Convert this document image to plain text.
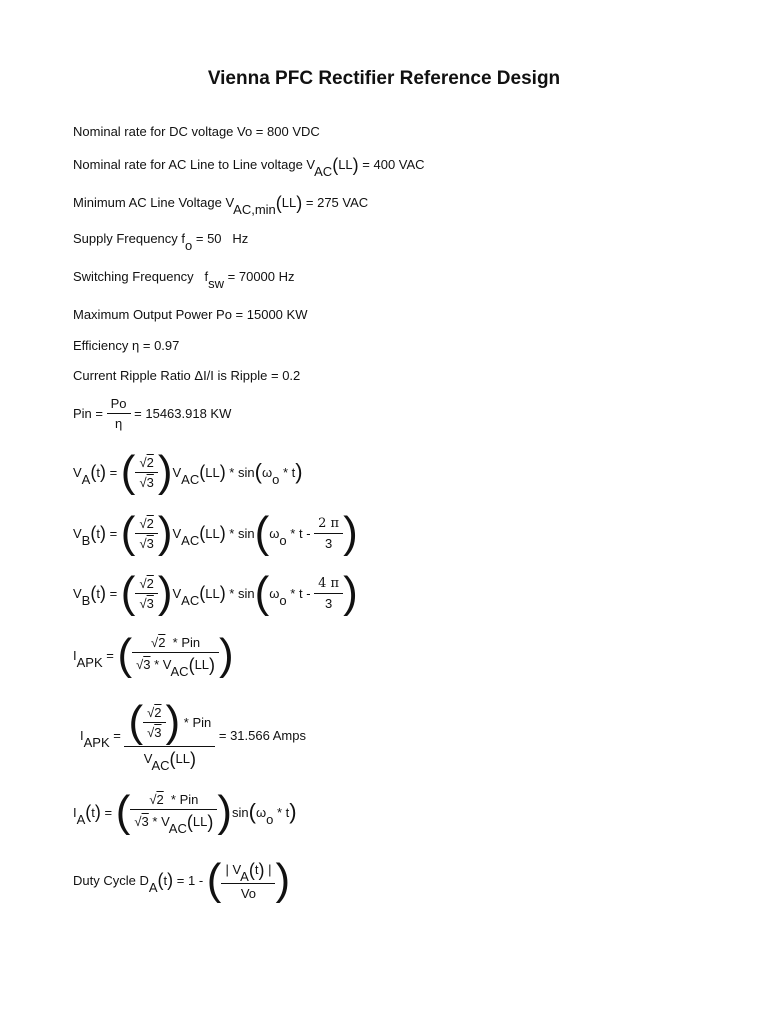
Vienna PFC Rectifier Reference Design
Nominal rate for DC voltage Vo = 800 VDC
Nominal rate for AC Line to Line voltage VAC(LL) = 400 VAC
Minimum AC Line Voltage VAC,min(LL) = 275 VAC
Supply Frequency fo = 50 Hz
Switching Frequency fsw = 70000 Hz
Maximum Output Power Po = 15000 KW
Efficiency η = 0.97
Current Ripple Ratio ΔI/I is Ripple = 0.2
Pin =
$\frac{Po}{\eta}$
= 15463.918 KW
V A ( t ) = ( √ 2
√ 3 ) V AC ( LL ) * sin ( ω o * t )
V B ( t ) = ( √ 2
√ 3 ) V AC ( LL ) * sin ( ω o * t - $\frac{2 \pi}{3}$ )
V B ( t ) = ( √ 2
√ 3 ) V AC ( LL ) * sin ( ω o * t - $\frac{4 \pi}{3}$ )
I APK = ( √ 2  * Pin
√ 3 * VAC(LL) )
I APK = ( √ 2
√ 3 ) * Pin
VAC(LL)
= 31.566 Amps
I A ( t ) = ( √ 2  * Pin
√ 3 * VAC(LL) ) sin ( ω o * t )
Duty Cycle D A ( t ) = 1 - ( $\frac{| VA(t) |}{Vo}$ )
